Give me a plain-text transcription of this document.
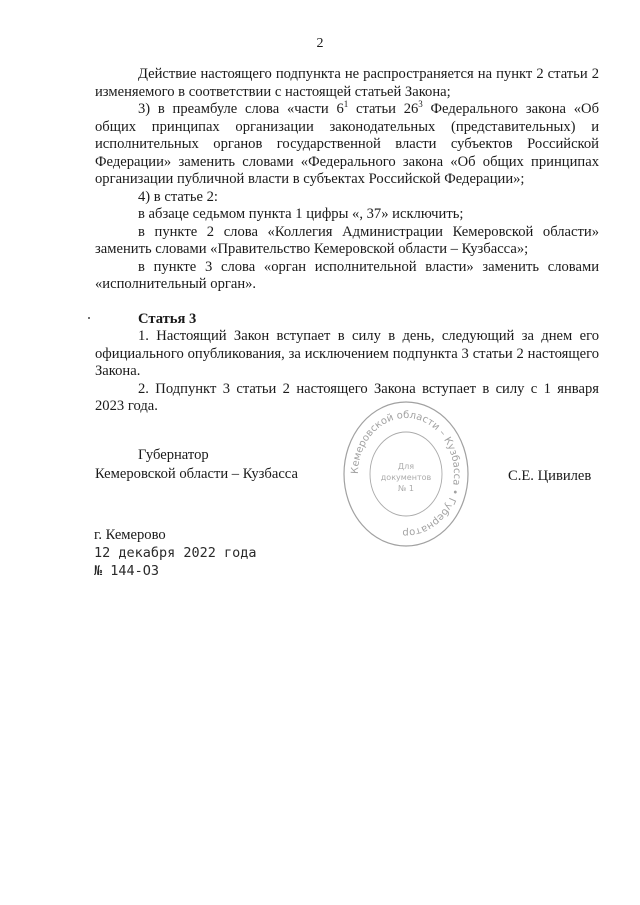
2

Действие настоящего подпункта не распространяется на пункт 2 статьи 2 изменяемого в соответствии с настоящей статьей Закона;

3) в преамбуле слова «части $6^1$ статьи $26^3$ Федерального закона «Об общих принципах организации законодательных (представительных) и исполнительных органов государственной власти субъектов Российской Федерации» заменить словами «Федерального закона «Об общих принципах организации публичной власти в субъектах Российской Федерации»;

4) в статье 2:

в абзаце седьмом пункта 1 цифры «, 37» исключить;

в пункте 2 слова «Коллегия Администрации Кемеровской области» заменить словами «Правительство Кемеровской области – Кузбасса»;

в пункте 3 слова «орган исполнительной власти» заменить словами «исполнительный орган».

Статья 3

1. Настоящий Закон вступает в силу в день, следующий за днем его официального опубликования, за исключением подпункта 3 статьи 2 настоящего Закона.

2. Подпункт 3 статьи 2 настоящего Закона вступает в силу с 1 января 2023 года.

Губернатор
Кемеровской области – Кузбасса	С.Е. Цивилев
Кемеровской области – Кузбасса • Губернатор
Для
документов
№ 1
г. Кемерово
12 декабря 2022 года
№ 144-ОЗ
